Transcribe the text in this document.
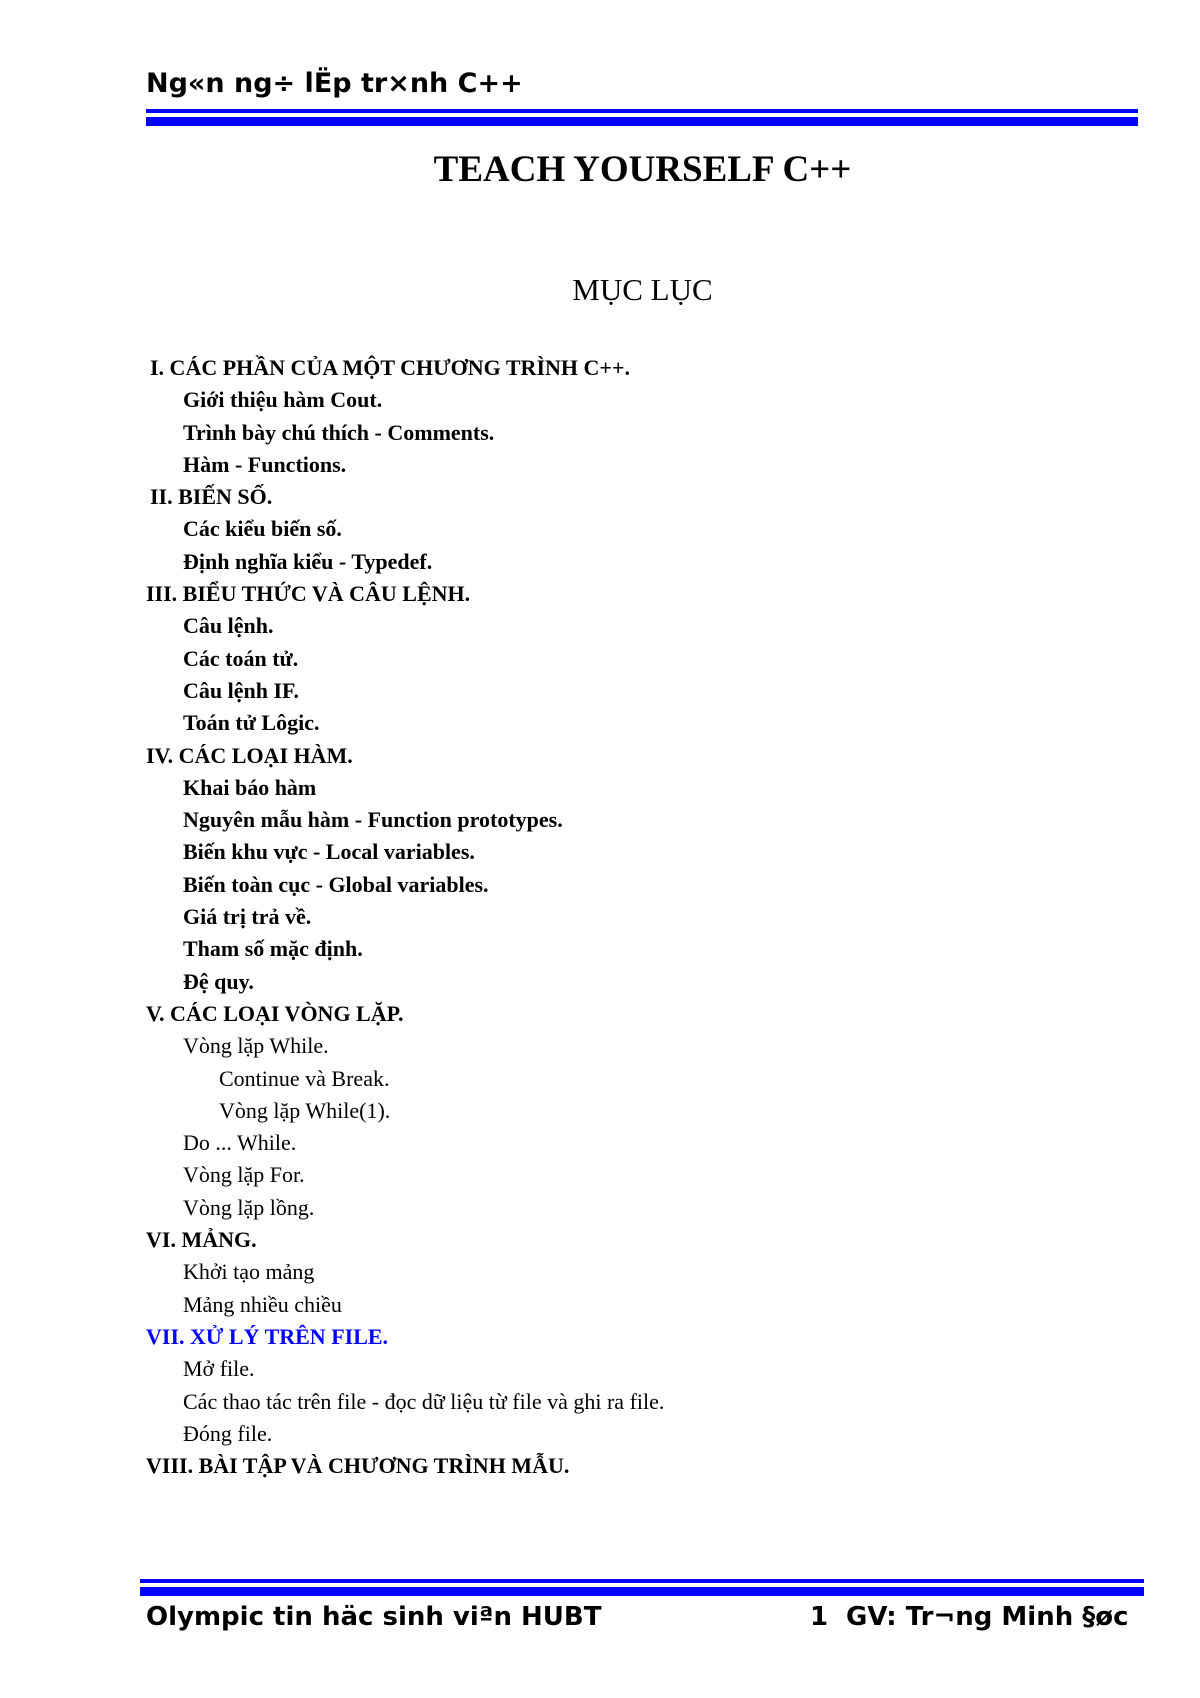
Ng«n ng÷ lËp tr×nh C++
TEACH YOURSELF C++
MỤC LỤC
I. CÁC PHẦN CỦA MỘT CHƯƠNG TRÌNH C++.
Giới thiệu hàm Cout.
Trình bày chú thích - Comments.
Hàm - Functions.
II. BIẾN SỐ.
Các kiểu biến số.
Định nghĩa kiểu - Typedef.
III. BIỂU THỨC VÀ CÂU LỆNH.
Câu lệnh.
Các toán tử.
Câu lệnh IF.
Toán tử Lôgic.
IV. CÁC LOẠI HÀM.
Khai báo hàm
Nguyên mẫu hàm - Function prototypes.
Biến khu vực - Local variables.
Biến toàn cục - Global variables.
Giá trị trả về.
Tham số mặc định.
Đệ quy.
V. CÁC LOẠI VÒNG LẶP.
Vòng lặp While.
Continue và Break.
Vòng lặp While(1).
Do ... While.
Vòng lặp For.
Vòng lặp lồng.
VI. MẢNG.
Khởi tạo mảng
Mảng nhiều chiều
VII. XỬ LÝ TRÊN FILE.
Mở file.
Các thao tác trên file - đọc dữ liệu từ file và ghi ra file.
Đóng file.
VIII. BÀI TẬP VÀ CHƯƠNG TRÌNH MẪU.
Olympic tin häc sinh viªn HUBT	1 GV: Tr¬ng Minh §øc
